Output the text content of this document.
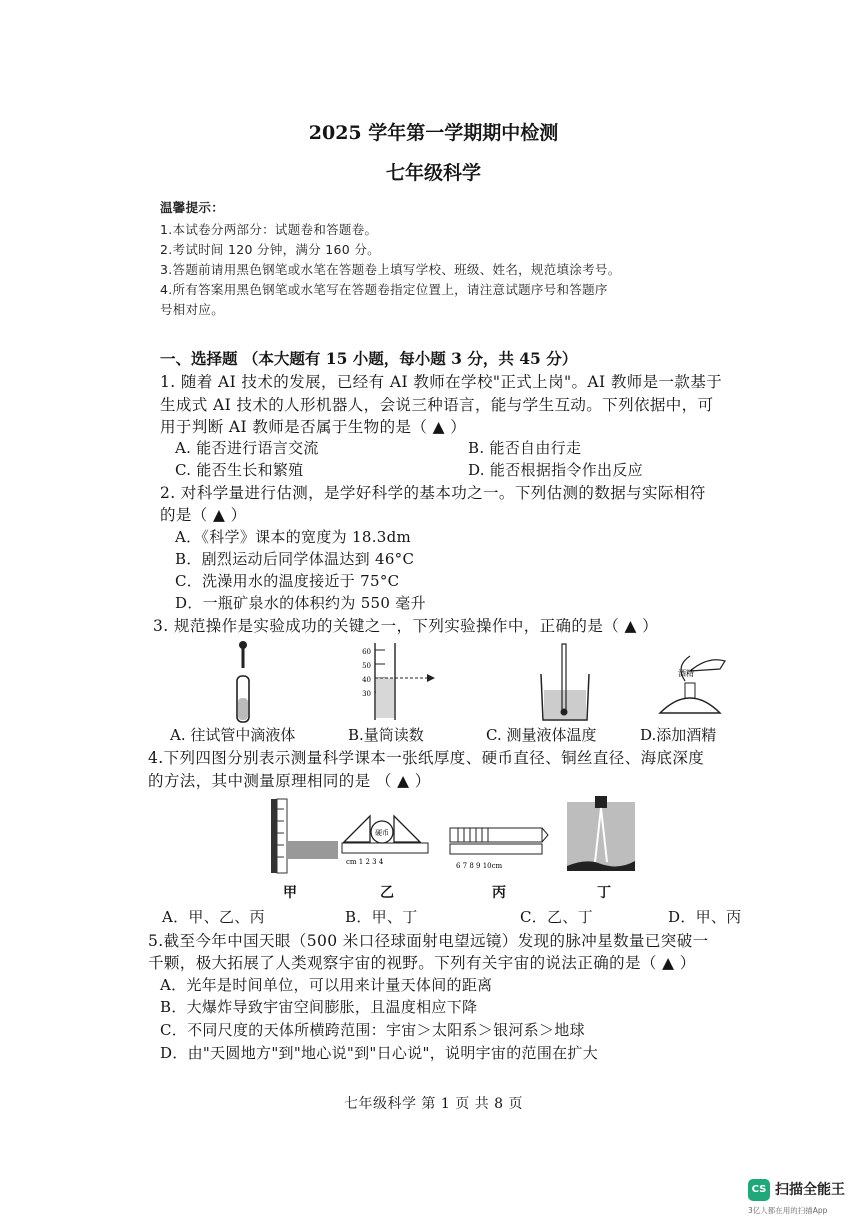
2025 学年第一学期期中检测
七年级科学
温馨提示：
1.本试卷分两部分：试题卷和答题卷。
2.考试时间 120 分钟，满分 160 分。
3.答题前请用黑色钢笔或水笔在答题卷上填写学校、班级、姓名，规范填涂考号。
4.所有答案用黑色钢笔或水笔写在答题卷指定位置上，请注意试题序号和答题序
号相对应。
一、选择题 （本大题有 15 小题，每小题 3 分，共 45 分）
1. 随着 AI 技术的发展，已经有 AI 教师在学校"正式上岗"。AI 教师是一款基于
生成式 AI 技术的人形机器人，会说三种语言，能与学生互动。下列依据中，可
用于判断 AI 教师是否属于生物的是（ ▲ ）
A. 能否进行语言交流	B. 能否自由行走
C. 能否生长和繁殖	D. 能否根据指令作出反应
2. 对科学量进行估测，是学好科学的基本功之一。下列估测的数据与实际相符
的是（ ▲ ）
A．《科学》课本的宽度为 18.3dm
B．剧烈运动后同学体温达到 46°C
C．洗澡用水的温度接近于 75°C
D．一瓶矿泉水的体积约为 550 毫升
3. 规范操作是实验成功的关键之一，下列实验操作中，正确的是（ ▲ ）
60
50
40
30
酒精
A. 往试管中滴液体	B.量筒读数	C. 测量液体温度	D.添加酒精
4.下列四图分别表示测量科学课本一张纸厚度、硬币直径、铜丝直径、海底深度
的方法，其中测量原理相同的是 （ ▲ ）
硬币
cm 1 2 3 4	6 7 8 9 10cm
甲	乙	丙	丁
A．甲、乙、丙	B．甲、丁	C．乙、丁	D．甲、丙
5.截至今年中国天眼（500 米口径球面射电望远镜）发现的脉冲星数量已突破一
千颗，极大拓展了人类观察宇宙的视野。下列有关宇宙的说法正确的是（ ▲ ）
A．光年是时间单位，可以用来计量天体间的距离
B．大爆炸导致宇宙空间膨胀，且温度相应下降
C．不同尺度的天体所横跨范围：宇宙＞太阳系＞银河系＞地球
D．由"天圆地方"到"地心说"到"日心说"，说明宇宙的范围在扩大
七年级科学 第 1 页 共 8 页
CS 扫描全能王
3亿人都在用的扫描App
